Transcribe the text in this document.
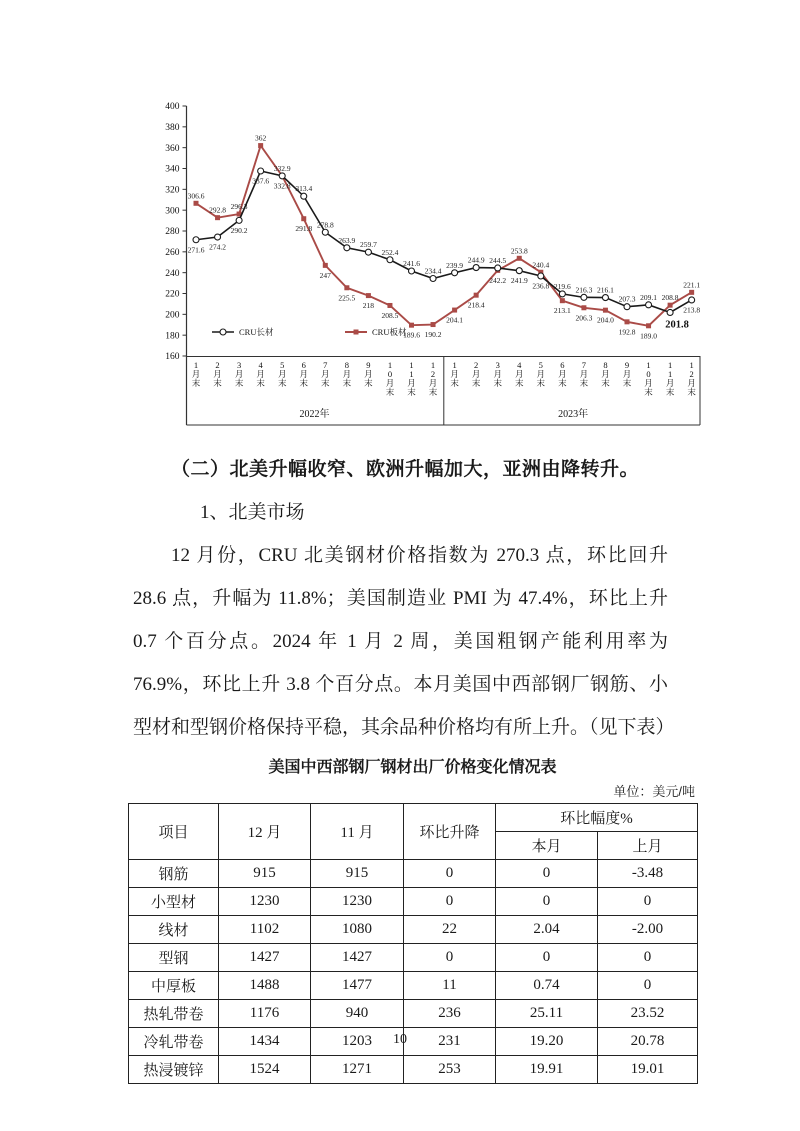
400
380
360
340
320
300
280
260
240
220
200
180
160
1
月
末
2
月
末
3
月
末
4
月
末
5
月
末
6
月
末
7
月
末
8
月
末
9
月
末
1
0
月
末
1
1
月
末
1
2
月
末
1
月
末
2
月
末
3
月
末
4
月
末
5
月
末
6
月
末
7
月
末
8
月
末
9
月
末
1
0
月
末
1
1
月
末
1
2
月
末
2022年	2023年
306.6
292.8 296.3
362
332.8
291.8
247
225.5
218
208.5
189.6 190.2
204.1
218.4
242.2
253.8
240.4
213.1
206.3 204.0
192.8 189.0
208.8
221.1
271.6 274.2
290.2
337.6
332.9
313.4
278.8
263.9 259.7
252.4
241.6
234.4
239.9
244.9 244.5
241.9
236.8 219.6 216.3 216.1
207.3 209.1
201.8
213.8
CRU长材	CRU板材
（二）北美升幅收窄、欧洲升幅加大，亚洲由降转升。
1、北美市场
12 月份，CRU 北美钢材价格指数为 270.3 点，环比回升 28.6 点，升幅为 11.8%；美国制造业 PMI 为 47.4%，环比上升 0.7 个百分点。2024 年 1 月 2 周，美国粗钢产能利用率为 76.9%，环比上升 3.8 个百分点。本月美国中西部钢厂钢筋、小型材和型钢价格保持平稳，其余品种价格均有所上升。（见下表）
美国中西部钢厂钢材出厂价格变化情况表
单位：美元/吨
项目	12 月	11 月	环比升降	环比幅度%	
				本月	上月
钢筋	915	915	0	0	-3.48
小型材	1230	1230	0	0	0
线材	1102	1080	22	2.04	-2.00
型钢	1427	1427	0	0	0
中厚板	1488	1477	11	0.74	0
热轧带卷	1176	940	236	25.11	23.52
冷轧带卷	1434	1203	231	19.20	20.78
热浸镀锌	1524	1271	253	19.91	19.01
10
